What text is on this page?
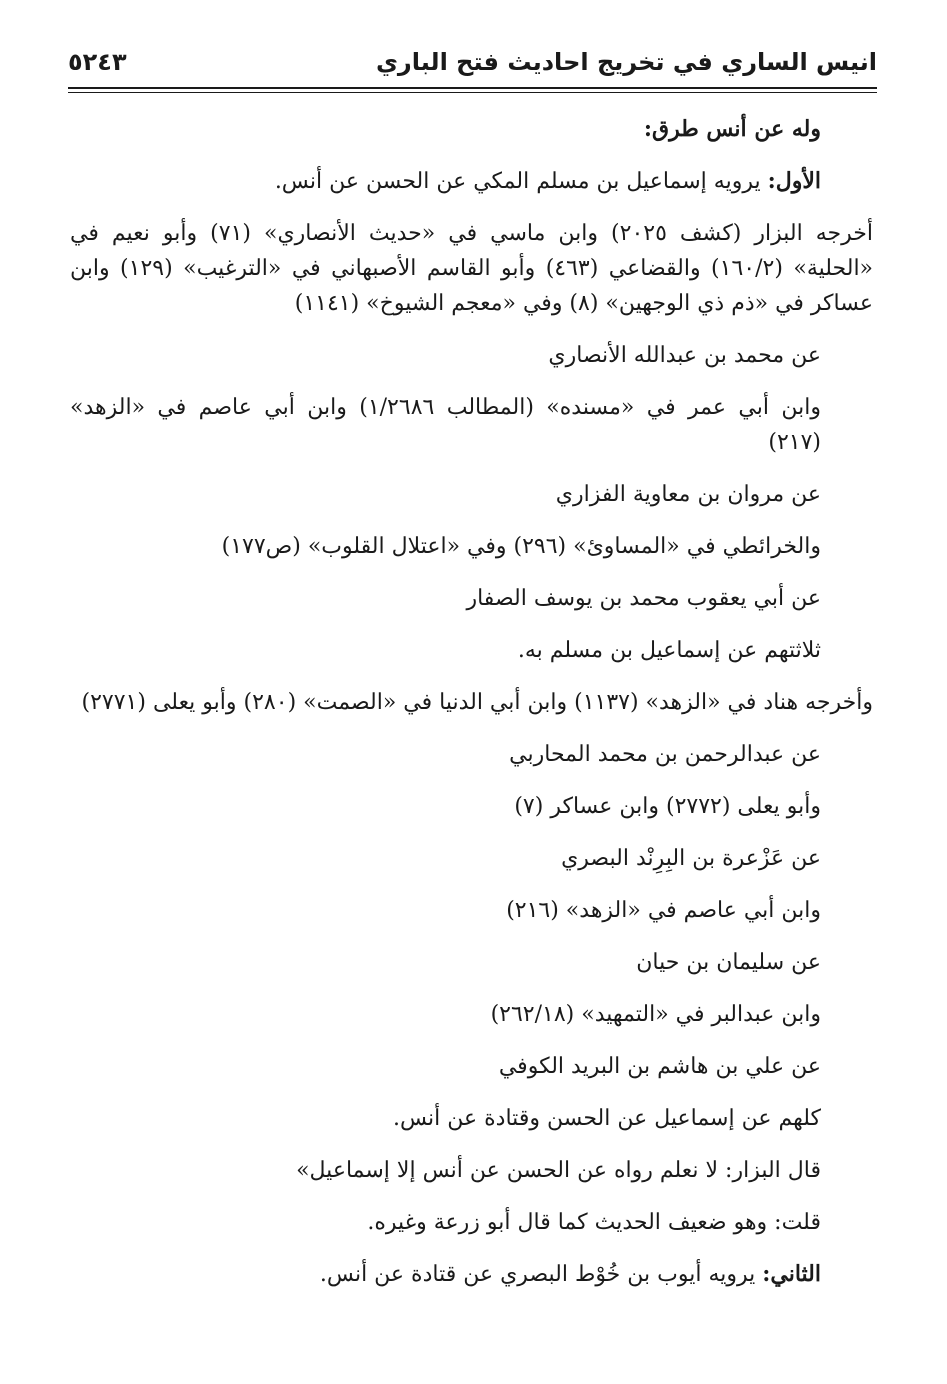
انيس الساري في تخريج احاديث فتح الباري
٥٢٤٣

وله عن أنس طرق:

الأول: يرويه إسماعيل بن مسلم المكي عن الحسن عن أنس.

أخرجه البزار (كشف ٢٠٢٥) وابن ماسي في «حديث الأنصاري» (٧١) وأبو نعيم في «الحلية» (١٦٠/٢) والقضاعي (٤٦٣) وأبو القاسم الأصبهاني في «الترغيب» (١٢٩) وابن عساكر في «ذم ذي الوجهين» (٨) وفي «معجم الشيوخ» (١١٤١)

عن محمد بن عبدالله الأنصاري

وابن أبي عمر في «مسنده» (المطالب ١/٢٦٨٦) وابن أبي عاصم في «الزهد» (٢١٧)

عن مروان بن معاوية الفزاري

والخرائطي في «المساوئ» (٢٩٦) وفي «اعتلال القلوب» (ص١٧٧)

عن أبي يعقوب محمد بن يوسف الصفار

ثلاثتهم عن إسماعيل بن مسلم به.

وأخرجه هناد في «الزهد» (١١٣٧) وابن أبي الدنيا في «الصمت» (٢٨٠) وأبو يعلى (٢٧٧١)

عن عبدالرحمن بن محمد المحاربي

وأبو يعلى (٢٧٧٢) وابن عساكر (٧)

عن عَزْعرة بن البِرِنْد البصري

وابن أبي عاصم في «الزهد» (٢١٦)

عن سليمان بن حيان

وابن عبدالبر في «التمهيد» (٢٦٢/١٨)

عن علي بن هاشم بن البريد الكوفي

كلهم عن إسماعيل عن الحسن وقتادة عن أنس.

قال البزار: لا نعلم رواه عن الحسن عن أنس إلا إسماعيل»

قلت: وهو ضعيف الحديث كما قال أبو زرعة وغيره.

الثاني: يرويه أيوب بن خُوْط البصري عن قتادة عن أنس.
